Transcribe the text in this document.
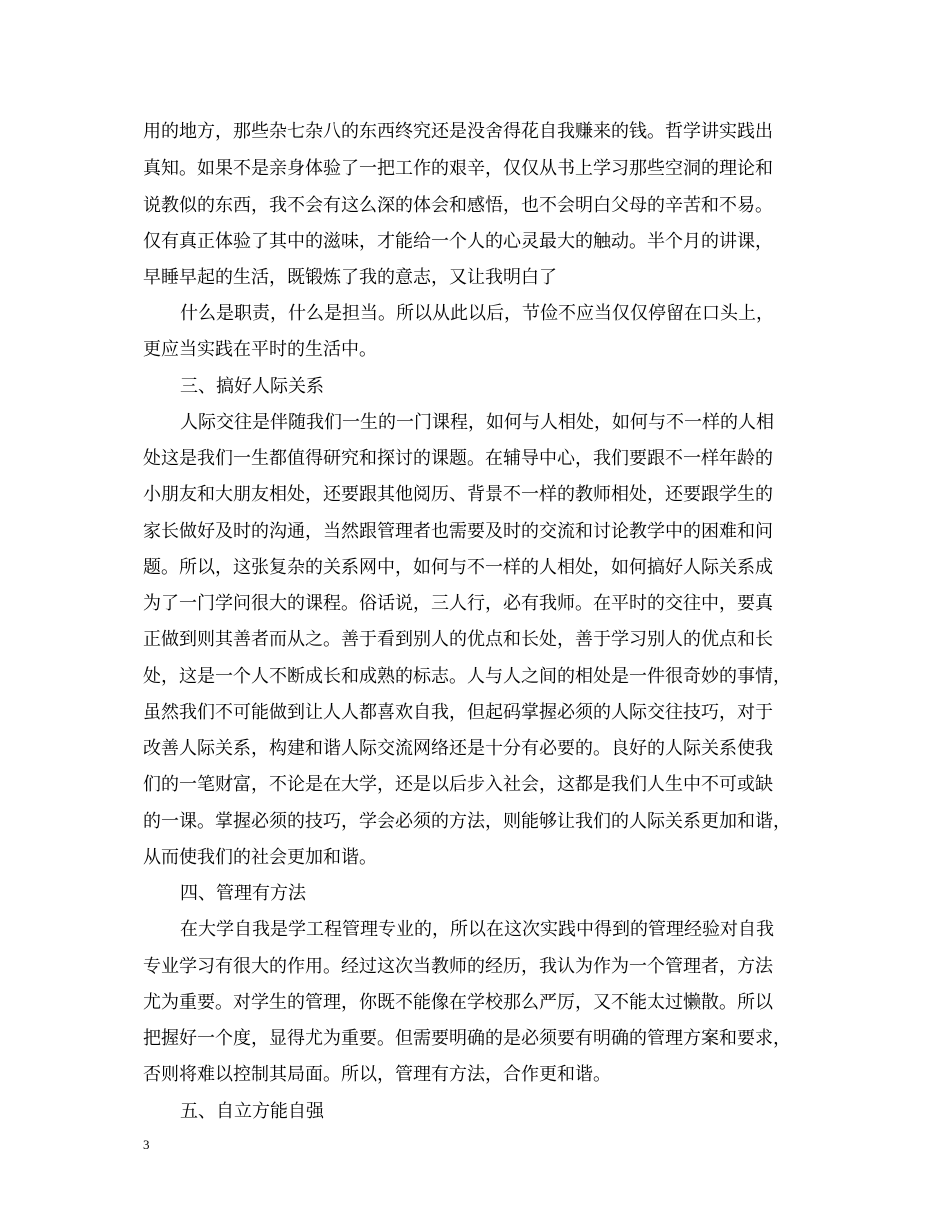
用的地方，那些杂七杂八的东西终究还是没舍得花自我赚来的钱。哲学讲实践出
真知。如果不是亲身体验了一把工作的艰辛，仅仅从书上学习那些空洞的理论和
说教似的东西，我不会有这么深的体会和感悟，也不会明白父母的辛苦和不易。
仅有真正体验了其中的滋味，才能给一个人的心灵最大的触动。半个月的讲课，
早睡早起的生活，既锻炼了我的意志，又让我明白了
什么是职责，什么是担当。所以从此以后，节俭不应当仅仅停留在口头上，
更应当实践在平时的生活中。
三、搞好人际关系
人际交往是伴随我们一生的一门课程，如何与人相处，如何与不一样的人相
处这是我们一生都值得研究和探讨的课题。在辅导中心，我们要跟不一样年龄的
小朋友和大朋友相处，还要跟其他阅历、背景不一样的教师相处，还要跟学生的
家长做好及时的沟通，当然跟管理者也需要及时的交流和讨论教学中的困难和问
题。所以，这张复杂的关系网中，如何与不一样的人相处，如何搞好人际关系成
为了一门学问很大的课程。俗话说，三人行，必有我师。在平时的交往中，要真
正做到则其善者而从之。善于看到别人的优点和长处，善于学习别人的优点和长
处，这是一个人不断成长和成熟的标志。人与人之间的相处是一件很奇妙的事情，
虽然我们不可能做到让人人都喜欢自我，但起码掌握必须的人际交往技巧，对于
改善人际关系，构建和谐人际交流网络还是十分有必要的。良好的人际关系使我
们的一笔财富，不论是在大学，还是以后步入社会，这都是我们人生中不可或缺
的一课。掌握必须的技巧，学会必须的方法，则能够让我们的人际关系更加和谐，
从而使我们的社会更加和谐。
四、管理有方法
在大学自我是学工程管理专业的，所以在这次实践中得到的管理经验对自我
专业学习有很大的作用。经过这次当教师的经历，我认为作为一个管理者，方法
尤为重要。对学生的管理，你既不能像在学校那么严厉，又不能太过懒散。所以
把握好一个度，显得尤为重要。但需要明确的是必须要有明确的管理方案和要求，
否则将难以控制其局面。所以，管理有方法，合作更和谐。
五、自立方能自强
3
